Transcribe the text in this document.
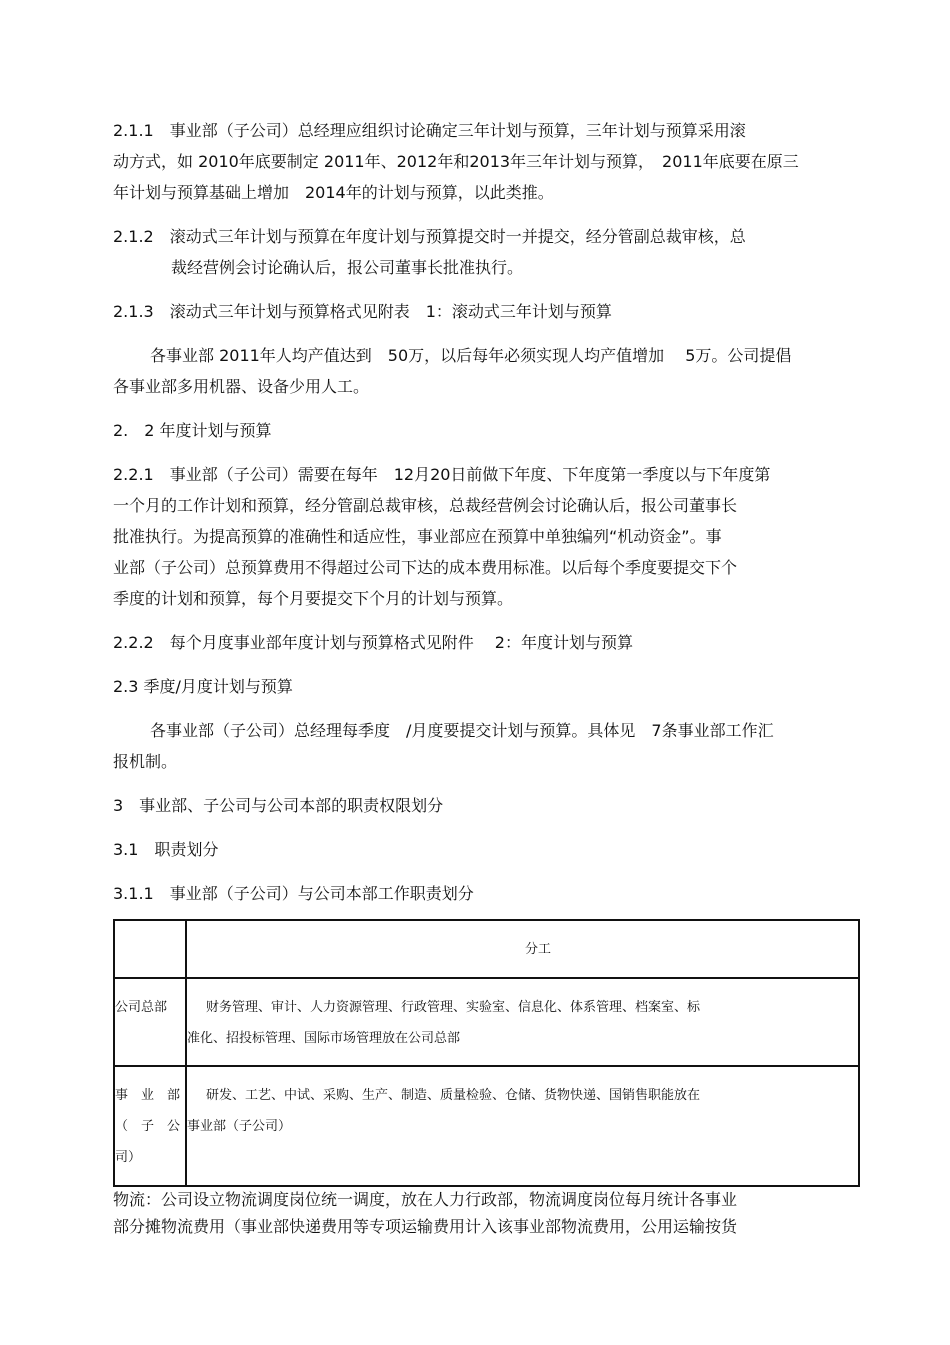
2.1.1　事业部（子公司）总经理应组织讨论确定三年计划与预算，三年计划与预算采用滚
动方式，如 2010年底要制定 2011年、2012年和2013年三年计划与预算，　2011年底要在原三
年计划与预算基础上增加　2014年的计划与预算，以此类推。
2.1.2　滚动式三年计划与预算在年度计划与预算提交时一并提交，经分管副总裁审核，总
裁经营例会讨论确认后，报公司董事长批准执行。
2.1.3　滚动式三年计划与预算格式见附表　1：滚动式三年计划与预算
各事业部 2011年人均产值达到　50万，以后每年必须实现人均产值增加　 5万。公司提倡
各事业部多用机器、设备少用人工。
2.　2 年度计划与预算
2.2.1　事业部（子公司）需要在每年　12月20日前做下年度、下年度第一季度以与下年度第
一个月的工作计划和预算，经分管副总裁审核，总裁经营例会讨论确认后，报公司董事长
批准执行。为提高预算的准确性和适应性，事业部应在预算中单独编列“机动资金”。事
业部（子公司）总预算费用不得超过公司下达的成本费用标准。以后每个季度要提交下个
季度的计划和预算，每个月要提交下个月的计划与预算。
2.2.2　每个月度事业部年度计划与预算格式见附件　 2：年度计划与预算
2.3 季度/月度计划与预算
各事业部（子公司）总经理每季度　/月度要提交计划与预算。具体见　7条事业部工作汇
报机制。
3　事业部、子公司与公司本部的职责权限划分
3.1　职责划分
3.1.1　事业部（子公司）与公司本部工作职责划分

	分工

公司总部	财务管理、审计、人力资源管理、行政管理、实验室、信息化、体系管理、档案室、标
准化、招投标管理、国际市场管理放在公司总部

事　业　部
（　子　公
司）	研发、工艺、中试、采购、生产、制造、质量检验、仓储、货物快递、国销售职能放在
事业部（子公司）
物流：公司设立物流调度岗位统一调度，放在人力行政部，物流调度岗位每月统计各事业
部分摊物流费用（事业部快递费用等专项运输费用计入该事业部物流费用，公用运输按货
